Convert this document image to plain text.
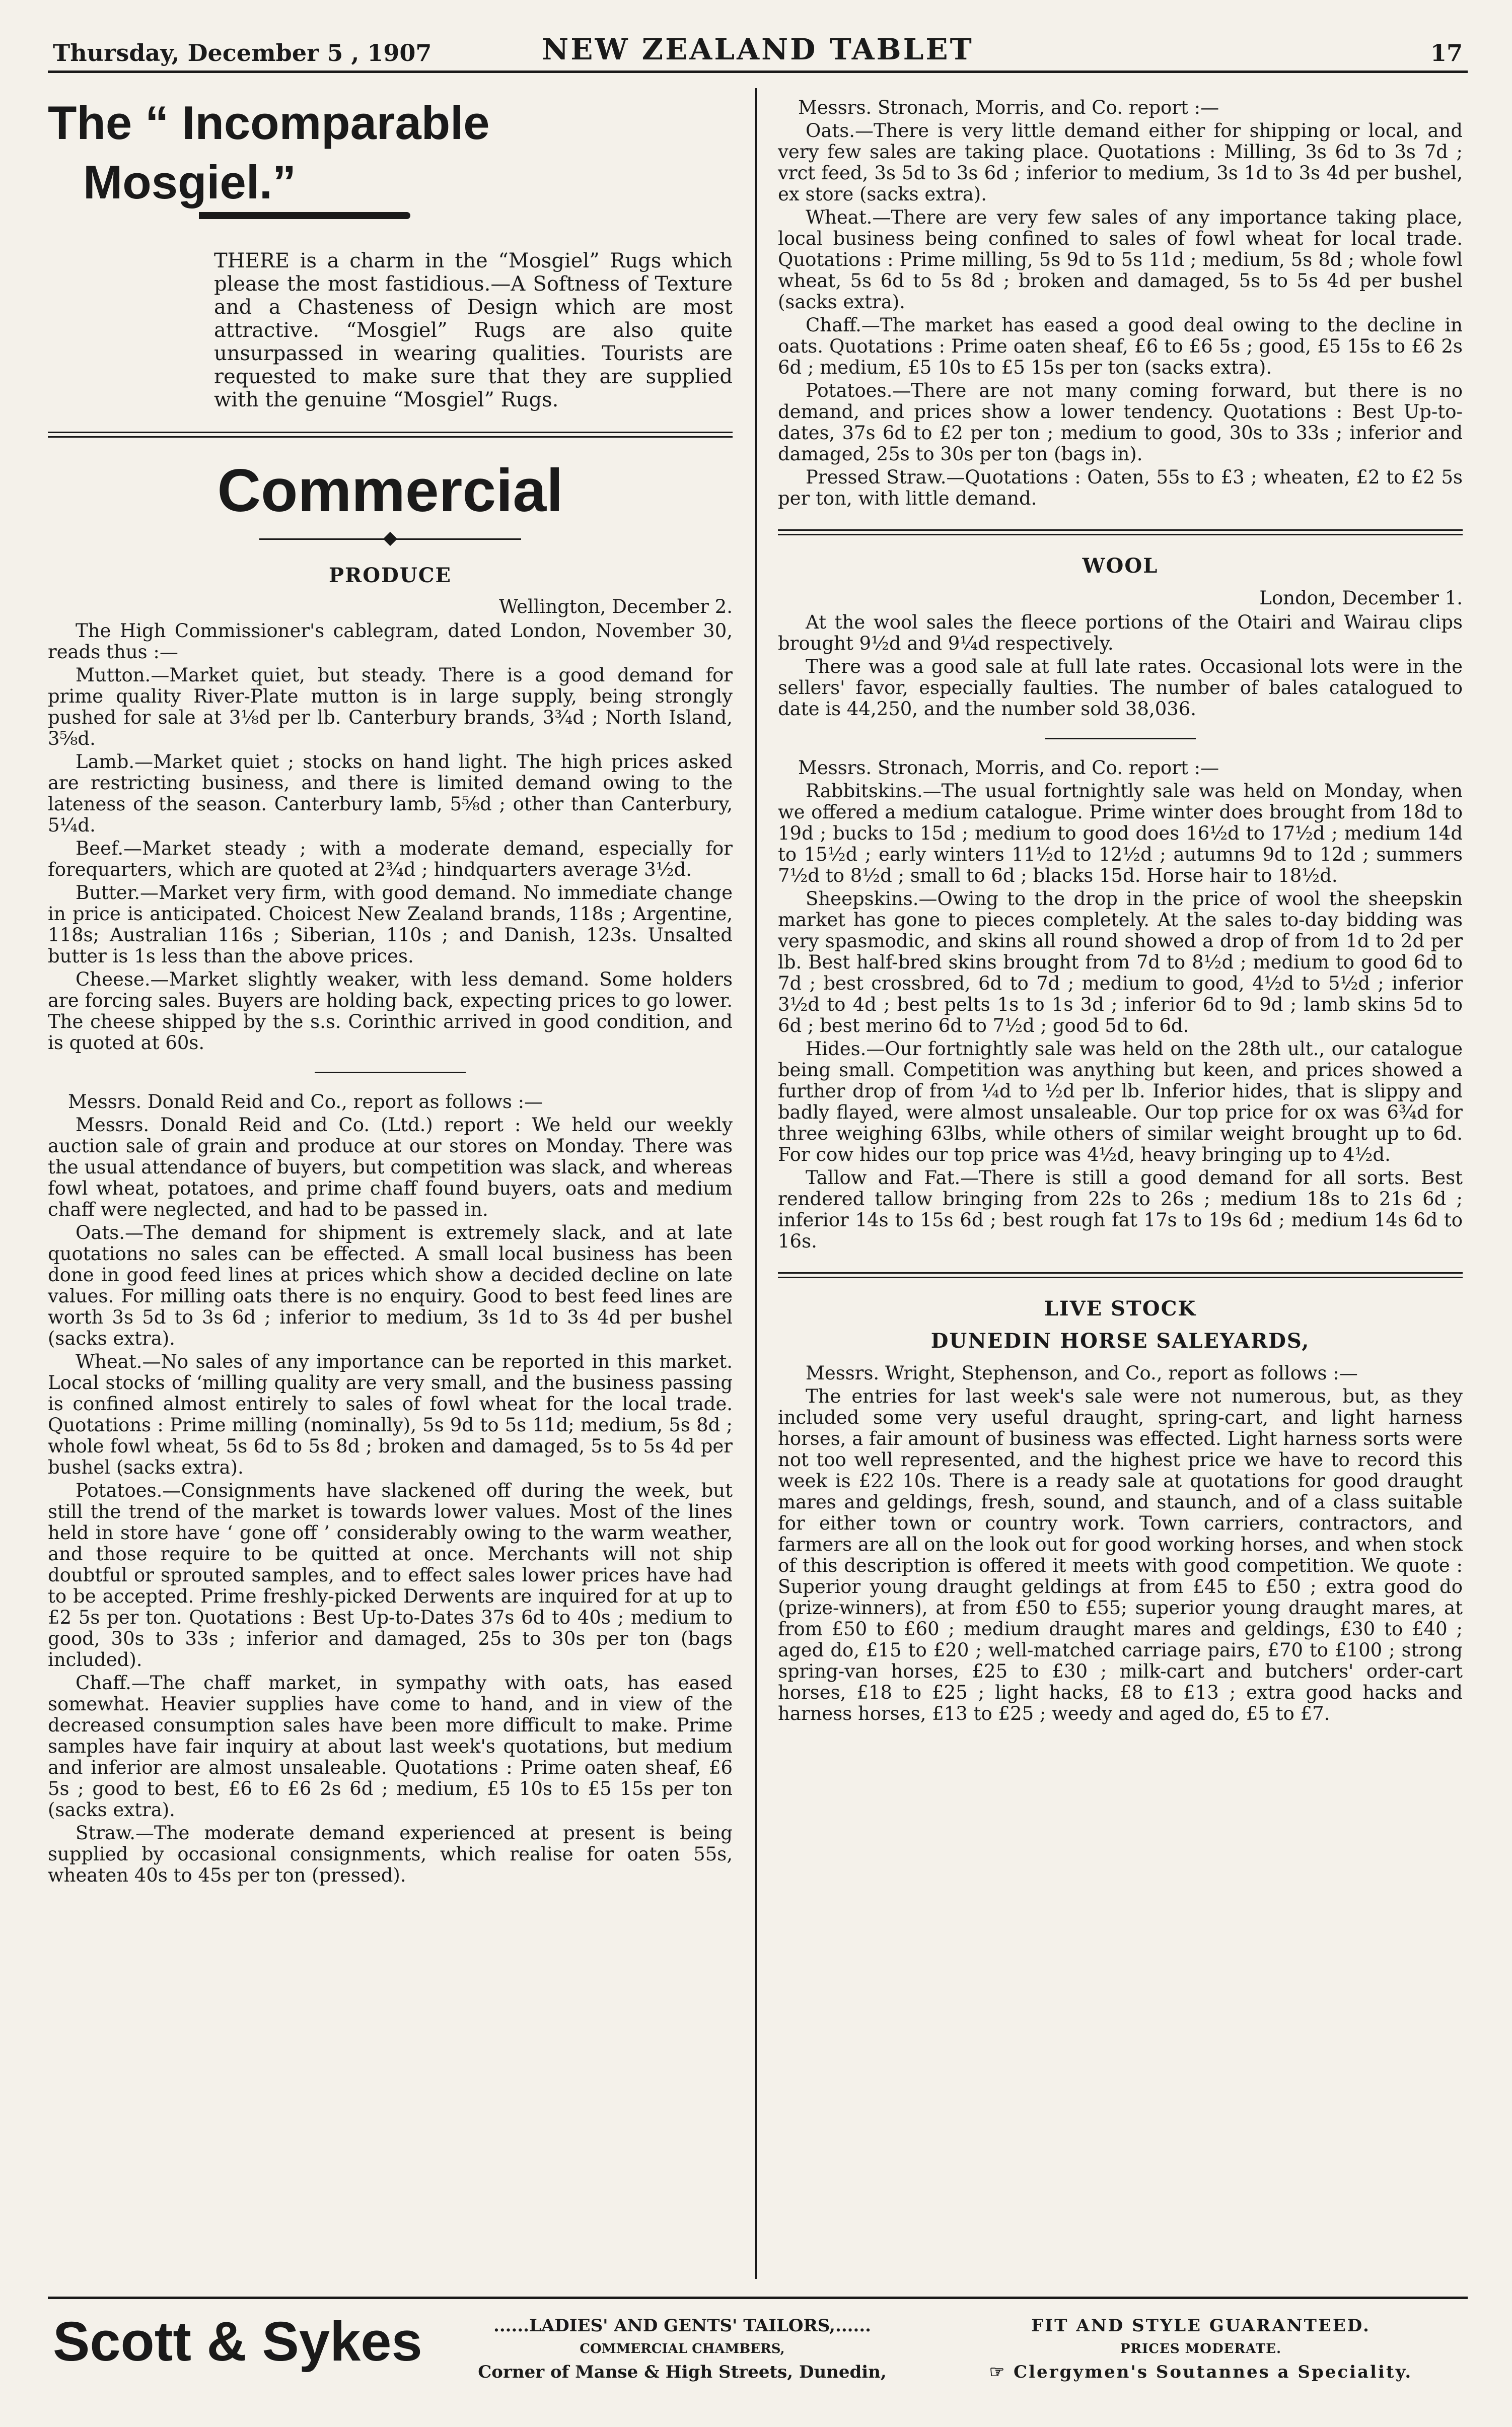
Thursday, December 5 , 1907	NEW ZEALAND TABLET	17
The “ Incomparable
Mosgiel.”

THERE is a charm in the “Mosgiel” Rugs which please the most fastidious.—A Softness of Texture and a Chasteness of Design which are most attractive. “Mosgiel” Rugs are also quite unsurpassed in wearing qualities. Tourists are requested to make sure that they are supplied with the genuine “Mosgiel” Rugs.

Commercial
PRODUCE
Wellington, December 2.

The High Commissioner's cablegram, dated London, November 30, reads thus :—

Mutton.—Market quiet, but steady. There is a good demand for prime quality River-Plate mutton is in large supply, being strongly pushed for sale at 3⅛d per lb. Canterbury brands, 3¾d ; North Island, 3⅝d.

Lamb.—Market quiet ; stocks on hand light. The high prices asked are restricting business, and there is limited demand owing to the lateness of the season. Canterbury lamb, 5⅝d ; other than Canterbury, 5¼d.

Beef.—Market steady ; with a moderate demand, especially for forequarters, which are quoted at 2¾d ; hindquarters average 3½d.

Butter.—Market very firm, with good demand. No immediate change in price is anticipated. Choicest New Zealand brands, 118s ; Argentine, 118s; Australian 116s ; Siberian, 110s ; and Danish, 123s. Unsalted butter is 1s less than the above prices.

Cheese.—Market slightly weaker, with less demand. Some holders are forcing sales. Buyers are holding back, expecting prices to go lower. The cheese shipped by the s.s. Corinthic arrived in good condition, and is quoted at 60s.

Messrs. Donald Reid and Co., report as follows :—

Messrs. Donald Reid and Co. (Ltd.) report : We held our weekly auction sale of grain and produce at our stores on Monday. There was the usual attendance of buyers, but competition was slack, and whereas fowl wheat, potatoes, and prime chaff found buyers, oats and medium chaff were neglected, and had to be passed in.

Oats.—The demand for shipment is extremely slack, and at late quotations no sales can be effected. A small local business has been done in good feed lines at prices which show a decided decline on late values. For milling oats there is no enquiry. Good to best feed lines are worth 3s 5d to 3s 6d ; inferior to medium, 3s 1d to 3s 4d per bushel (sacks extra).

Wheat.—No sales of any importance can be reported in this market. Local stocks of ‘milling quality are very small, and the business passing is confined almost entirely to sales of fowl wheat for the local trade. Quotations : Prime milling (nominally), 5s 9d to 5s 11d; medium, 5s 8d ; whole fowl wheat, 5s 6d to 5s 8d ; broken and damaged, 5s to 5s 4d per bushel (sacks extra).

Potatoes.—Consignments have slackened off during the week, but still the trend of the market is towards lower values. Most of the lines held in store have ‘ gone off ’ considerably owing to the warm weather, and those require to be quitted at once. Merchants will not ship doubtful or sprouted samples, and to effect sales lower prices have had to be accepted. Prime freshly-picked Derwents are inquired for at up to £2 5s per ton. Quotations : Best Up-to-Dates 37s 6d to 40s ; medium to good, 30s to 33s ; inferior and damaged, 25s to 30s per ton (bags included).

Chaff.—The chaff market, in sympathy with oats, has eased somewhat. Heavier supplies have come to hand, and in view of the decreased consumption sales have been more difficult to make. Prime samples have fair inquiry at about last week's quotations, but medium and inferior are almost unsaleable. Quotations : Prime oaten sheaf, £6 5s ; good to best, £6 to £6 2s 6d ; medium, £5 10s to £5 15s per ton (sacks extra).

Straw.—The moderate demand experienced at present is being supplied by occasional consignments, which realise for oaten 55s, wheaten 40s to 45s per ton (pressed).

Messrs. Stronach, Morris, and Co. report :—

Oats.—There is very little demand either for shipping or local, and very few sales are taking place. Quotations : Milling, 3s 6d to 3s 7d ; vrct feed, 3s 5d to 3s 6d ; inferior to medium, 3s 1d to 3s 4d per bushel, ex store (sacks extra).

Wheat.—There are very few sales of any importance taking place, local business being confined to sales of fowl wheat for local trade. Quotations : Prime milling, 5s 9d to 5s 11d ; medium, 5s 8d ; whole fowl wheat, 5s 6d to 5s 8d ; broken and damaged, 5s to 5s 4d per bushel (sacks extra).

Chaff.—The market has eased a good deal owing to the decline in oats. Quotations : Prime oaten sheaf, £6 to £6 5s ; good, £5 15s to £6 2s 6d ; medium, £5 10s to £5 15s per ton (sacks extra).

Potatoes.—There are not many coming forward, but there is no demand, and prices show a lower tendency. Quotations : Best Up-to-dates, 37s 6d to £2 per ton ; medium to good, 30s to 33s ; inferior and damaged, 25s to 30s per ton (bags in).

Pressed Straw.—Quotations : Oaten, 55s to £3 ; wheaten, £2 to £2 5s per ton, with little demand.

WOOL
London, December 1.

At the wool sales the fleece portions of the Otairi and Wairau clips brought 9½d and 9¼d respectively.

There was a good sale at full late rates. Occasional lots were in the sellers' favor, especially faulties. The number of bales catalogued to date is 44,250, and the number sold 38,036.

Messrs. Stronach, Morris, and Co. report :—

Rabbitskins.—The usual fortnightly sale was held on Monday, when we offered a medium catalogue. Prime winter does brought from 18d to 19d ; bucks to 15d ; medium to good does 16½d to 17½d ; medium 14d to 15½d ; early winters 11½d to 12½d ; autumns 9d to 12d ; summers 7½d to 8½d ; small to 6d ; blacks 15d. Horse hair to 18½d.

Sheepskins.—Owing to the drop in the price of wool the sheepskin market has gone to pieces completely. At the sales to-day bidding was very spasmodic, and skins all round showed a drop of from 1d to 2d per lb. Best half-bred skins brought from 7d to 8½d ; medium to good 6d to 7d ; best crossbred, 6d to 7d ; medium to good, 4½d to 5½d ; inferior 3½d to 4d ; best pelts 1s to 1s 3d ; inferior 6d to 9d ; lamb skins 5d to 6d ; best merino 6d to 7½d ; good 5d to 6d.

Hides.—Our fortnightly sale was held on the 28th ult., our catalogue being small. Competition was anything but keen, and prices showed a further drop of from ¼d to ½d per lb. Inferior hides, that is slippy and badly flayed, were almost unsaleable. Our top price for ox was 6¾d for three weighing 63lbs, while others of similar weight brought up to 6d. For cow hides our top price was 4½d, heavy bringing up to 4½d.

Tallow and Fat.—There is still a good demand for all sorts. Best rendered tallow bringing from 22s to 26s ; medium 18s to 21s 6d ; inferior 14s to 15s 6d ; best rough fat 17s to 19s 6d ; medium 14s 6d to 16s.

LIVE STOCK
DUNEDIN HORSE SALEYARDS,

Messrs. Wright, Stephenson, and Co., report as follows :—

The entries for last week's sale were not numerous, but, as they included some very useful draught, spring-cart, and light harness horses, a fair amount of business was effected. Light harness sorts were not too well represented, and the highest price we have to record this week is £22 10s. There is a ready sale at quotations for good draught mares and geldings, fresh, sound, and staunch, and of a class suitable for either town or country work. Town carriers, contractors, and farmers are all on the look out for good working horses, and when stock of this description is offered it meets with good competition. We quote : Superior young draught geldings at from £45 to £50 ; extra good do (prize-winners), at from £50 to £55; superior young draught mares, at from £50 to £60 ; medium draught mares and geldings, £30 to £40 ; aged do, £15 to £20 ; well-matched carriage pairs, £70 to £100 ; strong spring-van horses, £25 to £30 ; milk-cart and butchers' order-cart horses, £18 to £25 ; light hacks, £8 to £13 ; extra good hacks and harness horses, £13 to £25 ; weedy and aged do, £5 to £7.

Scott & Sykes	......LADIES' AND GENTS' TAILORS,......
COMMERCIAL CHAMBERS,
Corner of Manse & High Streets, Dunedin,
FIT AND STYLE GUARANTEED.
PRICES MODERATE.
☞ Clergymen's Soutannes a Speciality.
